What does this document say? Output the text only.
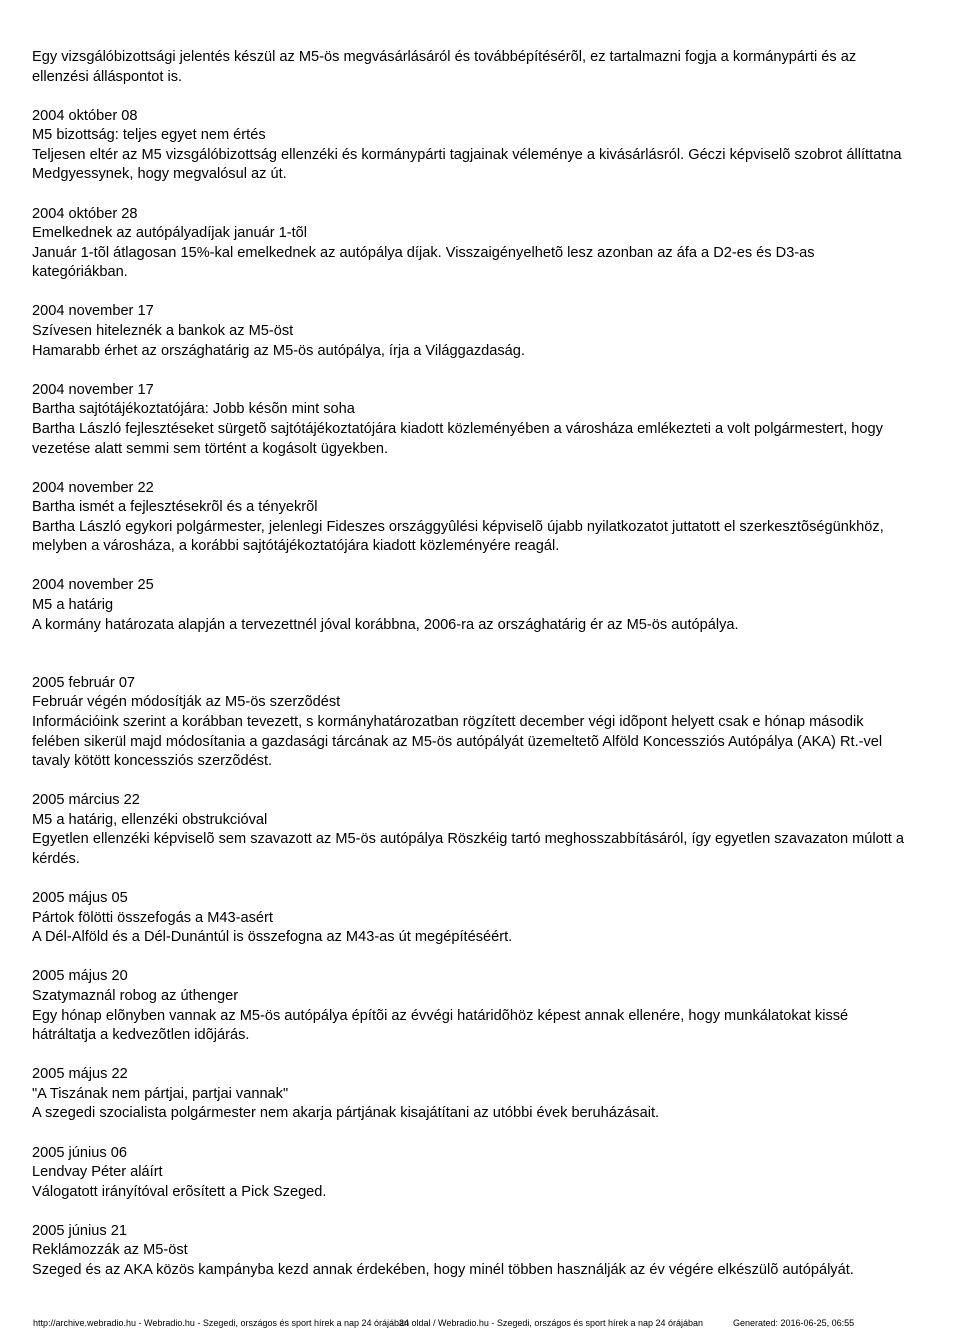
Egy vizsgálóbizottsági jelentés készül az M5-ös megvásárlásáról és továbbépítésérõl, ez tartalmazni fogja a kormánypárti és az ellenzési álláspontot is.

2004 október 08

M5 bizottság: teljes egyet nem értés

Teljesen eltér az M5 vizsgálóbizottság ellenzéki és kormánypárti tagjainak véleménye a kivásárlásról. Géczi képviselõ szobrot állíttatna Medgyessynek, hogy megvalósul az út.

2004 október 28

Emelkednek az autópályadíjak január 1-tõl

Január 1-tõl átlagosan 15%-kal emelkednek az autópálya díjak. Visszaigényelhetõ lesz azonban az áfa a D2-es és D3-as kategóriákban.

2004 november 17

Szívesen hiteleznék a bankok az M5-öst

Hamarabb érhet az országhatárig az M5-ös autópálya, írja a Világgazdaság.

2004 november 17

Bartha sajtótájékoztatójára: Jobb késõn mint soha

Bartha László fejlesztéseket sürgetõ sajtótájékoztatójára kiadott közleményében a városháza emlékezteti a volt polgármestert, hogy vezetése alatt semmi sem történt a kogásolt ügyekben.

2004 november 22

Bartha ismét a fejlesztésekrõl és a tényekrõl

Bartha László egykori polgármester, jelenlegi Fideszes országgyûlési képviselõ újabb nyilatkozatot juttatott el szerkesztõségünkhöz, melyben a városháza, a korábbi sajtótájékoztatójára kiadott közleményére reagál.

2004 november 25

M5 a határig

A kormány határozata alapján a tervezettnél jóval korábbna, 2006-ra az országhatárig ér az M5-ös autópálya.

2005 február 07

Február végén módosítják az M5-ös szerzõdést

Információink szerint a korábban tevezett, s kormányhatározatban rögzített december végi idõpont helyett csak e hónap második felében sikerül majd módosítania a gazdasági tárcának az M5-ös autópályát üzemeltetõ Alföld Koncessziós Autópálya (AKA) Rt.-vel tavaly kötött koncessziós szerzõdést.

2005 március 22

M5 a határig, ellenzéki obstrukcióval

Egyetlen ellenzéki képviselõ sem szavazott az M5-ös autópálya Röszkéig tartó meghosszabbításáról, így egyetlen szavazaton múlott a kérdés.

2005 május 05

Pártok fölötti összefogás a M43-asért

A Dél-Alföld és a Dél-Dunántúl is összefogna az M43-as út megépítéséért.

2005 május 20

Szatymaznál robog az úthenger

Egy hónap elõnyben vannak az M5-ös autópálya építõi az évvégi határidõhöz képest annak ellenére, hogy munkálatokat kissé hátráltatja a kedvezõtlen idõjárás.

2005 május 22

"A Tiszának nem pártjai, partjai vannak"

A szegedi szocialista polgármester nem akarja pártjának kisajátítani az utóbbi évek beruházásait.

2005 június 06

Lendvay Péter aláírt

Válogatott irányítóval erõsített a Pick Szeged.

2005 június 21

Reklámozzák az M5-öst

Szeged és az AKA közös kampányba kezd annak érdekében, hogy minél többen használják az év végére elkészülõ autópályát.

http://archive.webradio.hu - Webradio.hu - Szegedi, országos és sport hírek a nap 24 órájában
24 oldal / Webradio.hu - Szegedi, országos és sport hírek a nap 24 órájában	Generated: 2016-06-25, 06:55
